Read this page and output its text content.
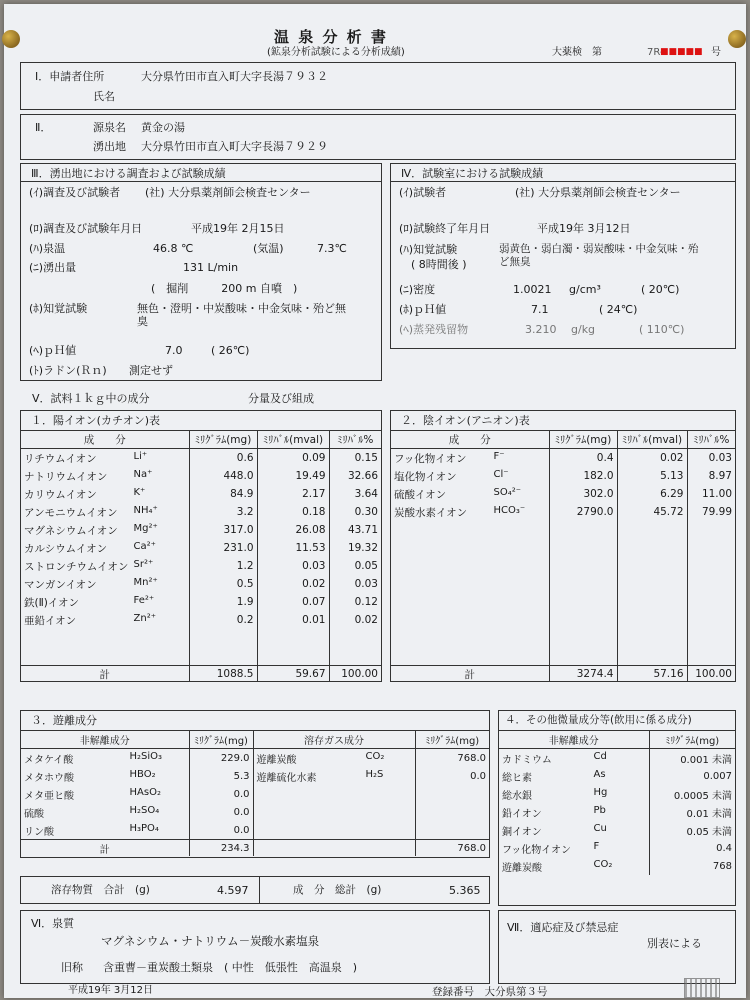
温 泉 分 析 書
(鉱泉分析試験による分析成績)	大薬検　第	7R-
■■■■■ 号
Ⅰ．申請者住所	大分県竹田市直入町大字長湯７９３２
氏名
Ⅱ．	源泉名 黄金の湯
湧出地 大分県竹田市直入町大字長湯７９２９
Ⅲ．湧出地における調査および試験成績
(ｲ)調査及び試験者 (社) 大分県薬剤師会検査センター
(ﾛ)調査及び試験年月日	平成19年 2月15日
(ﾊ)泉温	46.8 ℃	(気温)	7.3℃
(ﾆ)湧出量	131 L/min
(　掘削　　　200 m 自噴　)
(ﾎ)知覚試験	無色・澄明・中炭酸味・中金気味・殆ど無
臭
(ﾍ)ｐＨ値	7.0	( 26℃)
(ﾄ)ラドン(Ｒｎ) 測定せず
Ⅳ．試験室における試験成績
(ｲ)試験者	(社) 大分県薬剤師会検査センター
(ﾛ)試験終了年月日	平成19年 3月12日
(ﾊ)知覚試験
( 8時間後 )
弱黄色・弱白濁・弱炭酸味・中金気味・殆
ど無臭
(ﾆ)密度	1.0021 g/cm³	( 20℃)
(ﾎ)ｐＨ値	7.1	( 24℃)
(ﾍ)蒸発残留物	3.210 g/kg	( 110℃)
Ⅴ．試料１ｋｇ中の成分	分量及び組成
１．陽イオン(カチオン)表
成　　分	ﾐﾘｸﾞﾗﾑ(mg)	ﾐﾘﾊﾞﾙ(mval)	ﾐﾘﾊﾞﾙ%
リチウムイオン Li⁺	0.6	0.09	0.15
ナトリウムイオン Na⁺	448.0	19.49	32.66
カリウムイオン K⁺	84.9	2.17	3.64
アンモニウムイオン NH₄⁺	3.2	0.18	0.30
マグネシウムイオン Mg²⁺	317.0	26.08	43.71
カルシウムイオン Ca²⁺	231.0	11.53	19.32
ストロンチウムイオン Sr²⁺	1.2	0.03	0.05
マンガンイオン Mn²⁺	0.5	0.02	0.03
鉄(Ⅱ)イオン Fe²⁺	1.9	0.07	0.12
亜鉛イオン Zn²⁺	0.2	0.01	0.02

計	1088.5	59.67	100.00
２．陰イオン(アニオン)表
成　　分	ﾐﾘｸﾞﾗﾑ(mg)	ﾐﾘﾊﾞﾙ(mval)	ﾐﾘﾊﾞﾙ%
フッ化物イオン F⁻	0.4	0.02	0.03
塩化物イオン Cl⁻	182.0	5.13	8.97
硫酸イオン SO₄²⁻	302.0	6.29	11.00
炭酸水素イオン HCO₃⁻	2790.0	45.72	79.99

計	3274.4	57.16	100.00
３．遊離成分
非解離成分	ﾐﾘｸﾞﾗﾑ(mg)	溶存ガス成分	ﾐﾘｸﾞﾗﾑ(mg)
メタケイ酸 H₂SiO₃	229.0	遊離炭酸 CO₂	768.0
メタホウ酸 HBO₂	5.3	遊離硫化水素 H₂S	0.0
メタ亜ヒ酸 HAsO₂	0.0		
硫酸 H₂SO₄	0.0		
リン酸 H₃PO₄	0.0		
計	234.3		768.0
４．その他微量成分等(飲用に係る成分)
非解離成分	ﾐﾘｸﾞﾗﾑ(mg)
カドミウム Cd	0.001 未満
総ヒ素 As	0.007
総水銀 Hg	0.0005 未満
鉛イオン Pb	0.01 未満
銅イオン Cu	0.05 未満
フッ化物イオン F	0.4
遊離炭酸 CO₂	768
溶存物質　合計　(g)	4.597	成　分　総計　(g)	5.365
Ⅵ．泉質
マグネシウム・ナトリウム－炭酸水素塩泉
旧称 含重曹－重炭酸土類泉　( 中性　低張性　高温泉　)
Ⅶ．適応症及び禁忌症
別表による
平成19年 3月12日	登録番号　大分県第３号
